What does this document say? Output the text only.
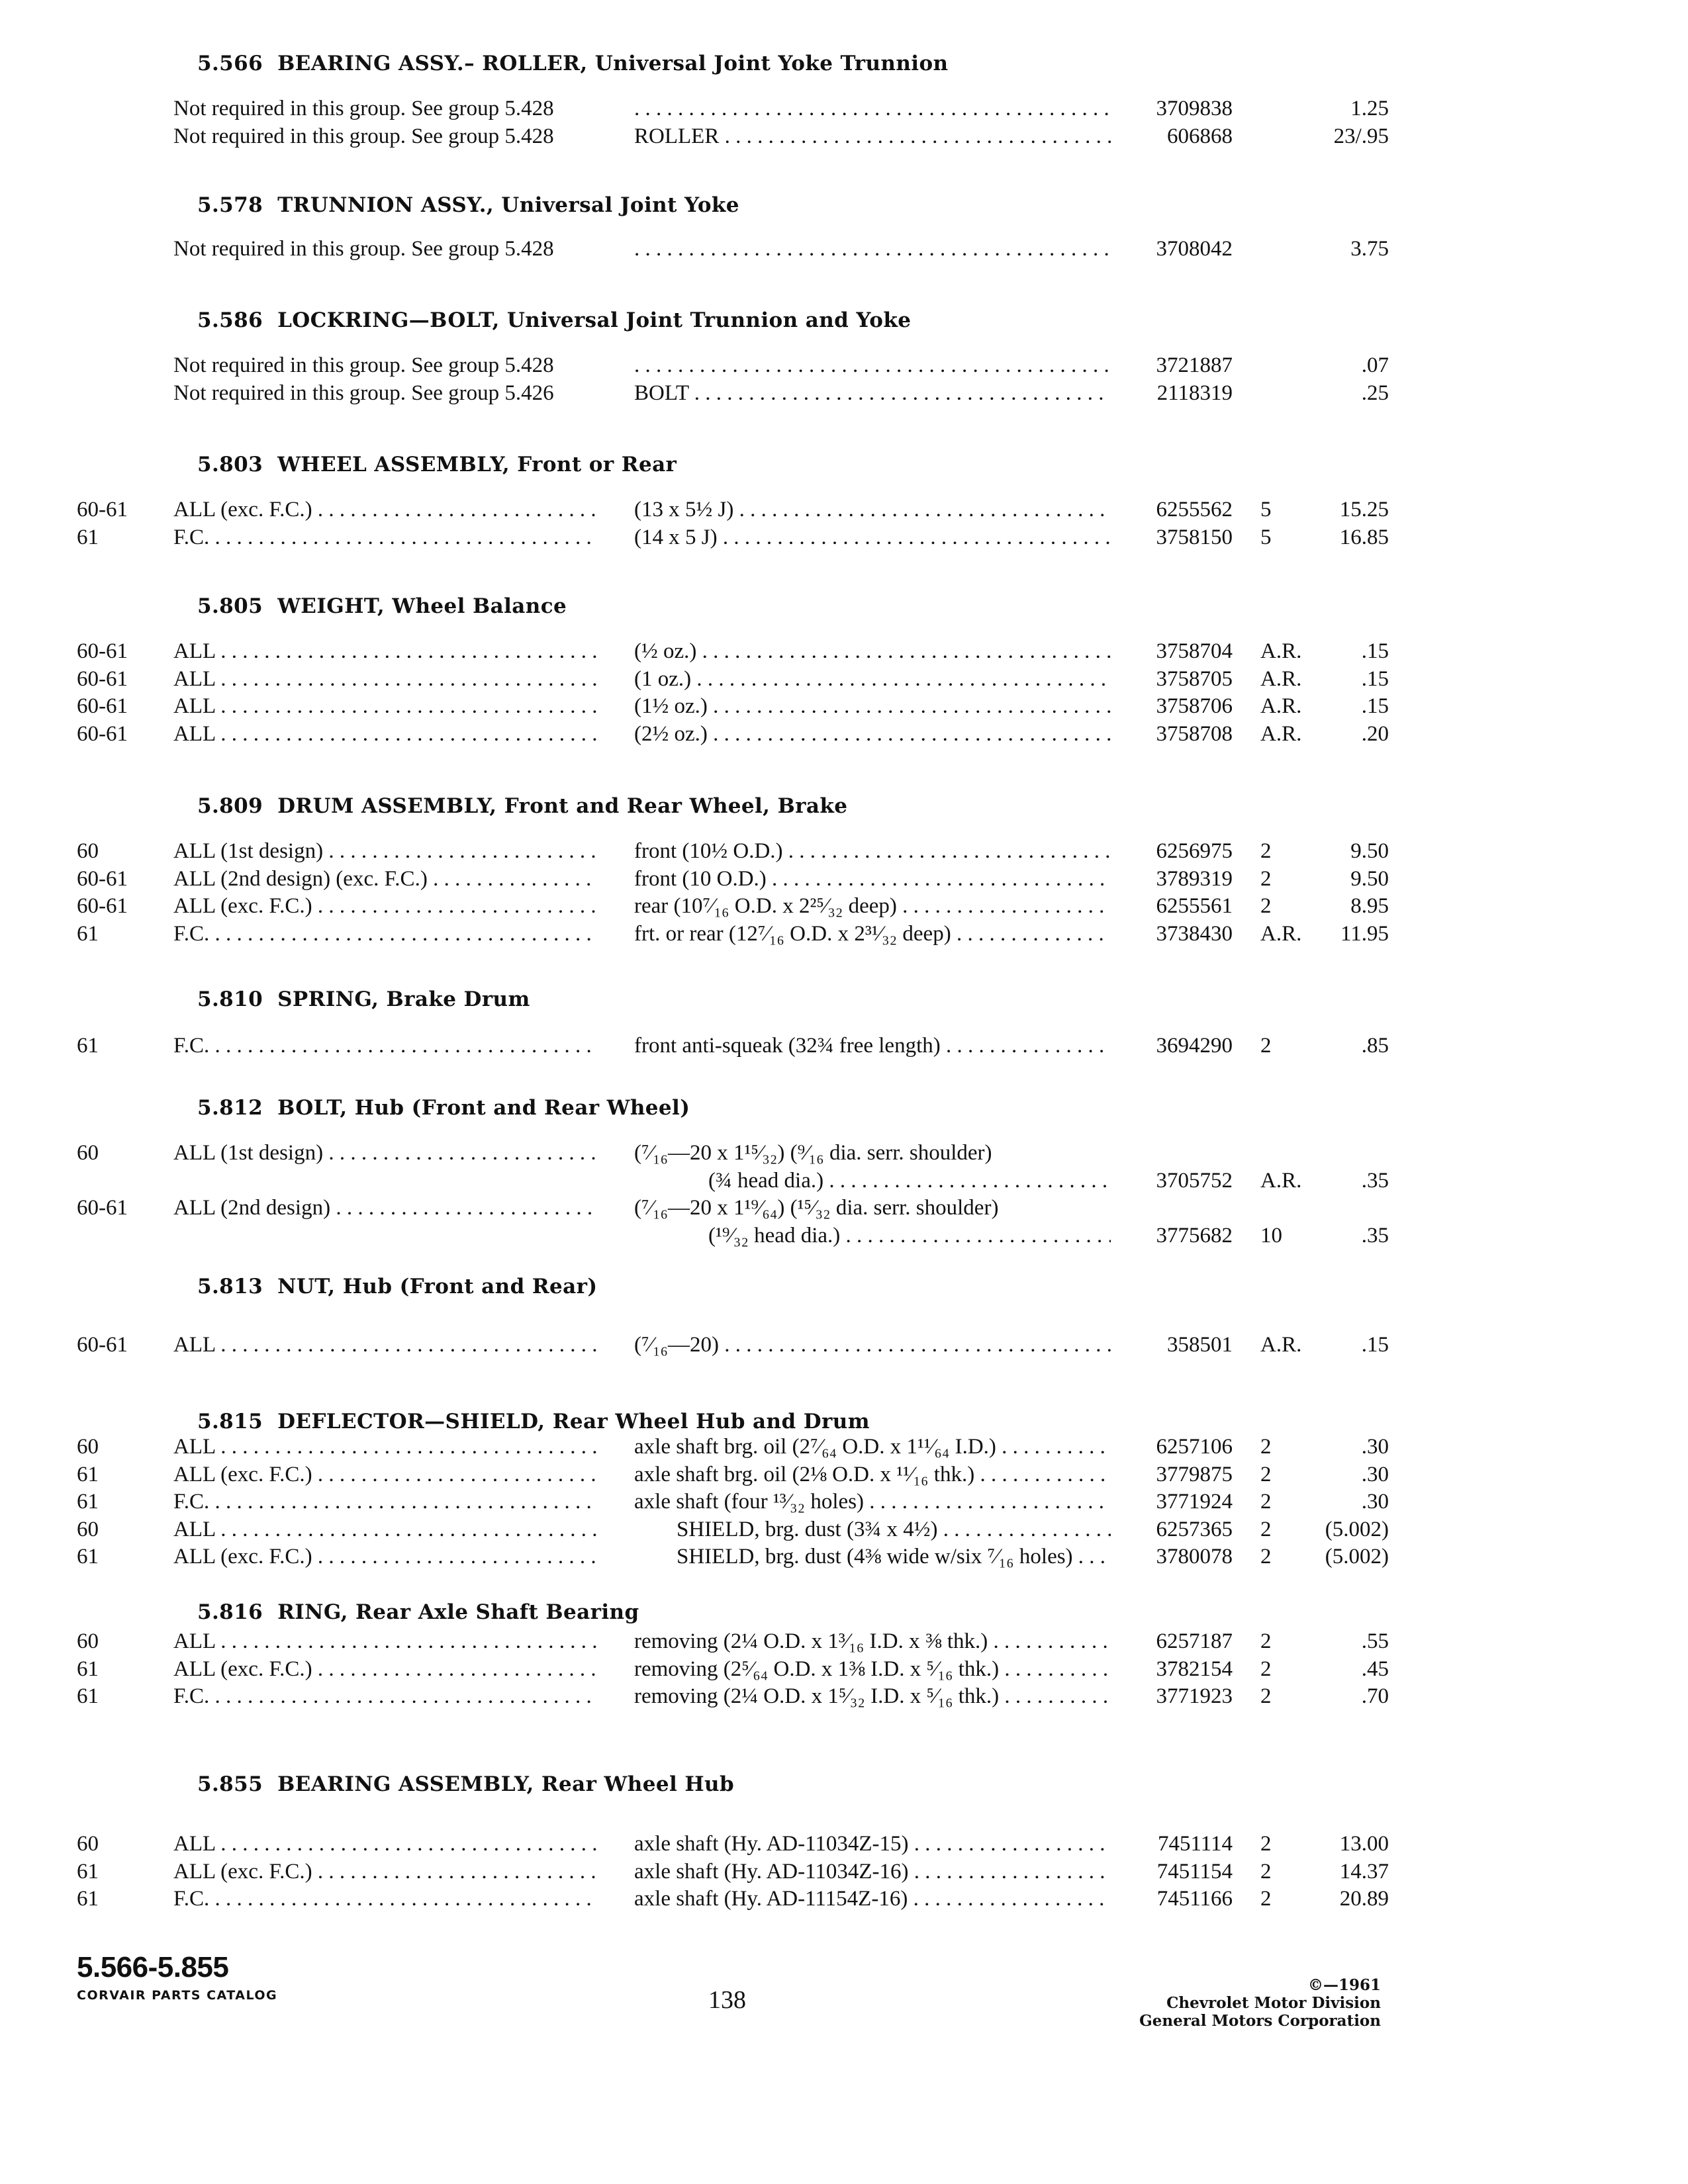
5.566 BEARING ASSY.– ROLLER, Universal Joint Yoke Trunnion
Not required in this group. See group 5.428 . . .	3709838	1.25
Not required in this group. See group 5.428	ROLLER . . .	606868	23/.95
5.578 TRUNNION ASSY., Universal Joint Yoke
Not required in this group. See group 5.428 . . .	3708042	3.75
5.586 LOCKRING—BOLT, Universal Joint Trunnion and Yoke
Not required in this group. See group 5.428 . . .	3721887	.07
Not required in this group. See group 5.426	BOLT . . .	2118319	.25
5.803 WHEEL ASSEMBLY, Front or Rear
60-61 ALL (exc. F.C.) . . .	(13 x 5½ J) . . .	6255562 5	15.25
61	F.C. . . .	(14 x 5 J) . . .	3758150 5	16.85
5.805 WEIGHT, Wheel Balance
60-61 ALL . . .	(½ oz.) . . .	3758704 A.R.	.15
60-61 ALL . . .	(1 oz.) . . .	3758705 A.R.	.15
60-61 ALL . . .	(1½ oz.) . . .	3758706 A.R.	.15
60-61 ALL . . .	(2½ oz.) . . .	3758708 A.R.	.20
5.809 DRUM ASSEMBLY, Front and Rear Wheel, Brake
60	ALL (1st design) . . .	front (10½ O.D.) . . .	6256975 2	9.50
60-61 ALL (2nd design) (exc. F.C.) . . .	front (10 O.D.) . . .	3789319 2	9.50
60-61 ALL (exc. F.C.) . . .	rear (10⁷⁄₁₆ O.D. x 2²⁵⁄₃₂ deep) . . .	6255561 2	8.95
61	F.C. . . .	frt. or rear (12⁷⁄₁₆ O.D. x 2³¹⁄₃₂ deep) . . .	3738430 A.R.	11.95
5.810 SPRING, Brake Drum
61	F.C. . . .	front anti-squeak (32¾ free length) . . .	3694290 2	.85
5.812 BOLT, Hub (Front and Rear Wheel)
60	ALL (1st design) . . .	(⁷⁄₁₆—20 x 1¹⁵⁄₃₂) (⁹⁄₁₆ dia. serr. shoulder)
(¾ head dia.) . . .	3705752 A.R.	.35
60-61 ALL (2nd design) . . .	(⁷⁄₁₆—20 x 1¹⁹⁄₆₄) (¹⁵⁄₃₂ dia. serr. shoulder)
(¹⁹⁄₃₂ head dia.) . . .	3775682 10	.35
5.813 NUT, Hub (Front and Rear)
60-61 ALL . . .	(⁷⁄₁₆—20) . . .	358501 A.R.	.15
5.815 DEFLECTOR—SHIELD, Rear Wheel Hub and Drum
60	ALL . . .	axle shaft brg. oil (2⁷⁄₆₄ O.D. x 1¹¹⁄₆₄ I.D.) . . .	6257106 2	.30
61	ALL (exc. F.C.) . . .	axle shaft brg. oil (2⅛ O.D. x ¹¹⁄₁₆ thk.) . . .	3779875 2	.30
61	F.C. . . .	axle shaft (four ¹³⁄₃₂ holes) . . .	3771924 2	.30
60	ALL . . .	SHIELD, brg. dust (3¾ x 4½) . . .	6257365 2	(5.002)
61	ALL (exc. F.C.) . . .	SHIELD, brg. dust (4⅜ wide w/six ⁷⁄₁₆ holes) . . .	3780078 2	(5.002)
5.816 RING, Rear Axle Shaft Bearing
60	ALL . . .	removing (2¼ O.D. x 1³⁄₁₆ I.D. x ⅜ thk.) . . .	6257187 2	.55
61	ALL (exc. F.C.) . . .	removing (2⁵⁄₆₄ O.D. x 1⅜ I.D. x ⁵⁄₁₆ thk.) . . .	3782154 2	.45
61	F.C. . . .	removing (2¼ O.D. x 1⁵⁄₃₂ I.D. x ⁵⁄₁₆ thk.) . . .	3771923 2	.70
5.855 BEARING ASSEMBLY, Rear Wheel Hub
60	ALL . . .	axle shaft (Hy. AD-11034Z-15) . . .	7451114 2	13.00
61	ALL (exc. F.C.) . . .	axle shaft (Hy. AD-11034Z-16) . . .	7451154 2	14.37
61	F.C. . . .	axle shaft (Hy. AD-11154Z-16) . . .	7451166 2	20.89
5.566-5.855
CORVAIR PARTS CATALOG	138
©—1961
Chevrolet Motor Division
General Motors Corporation
